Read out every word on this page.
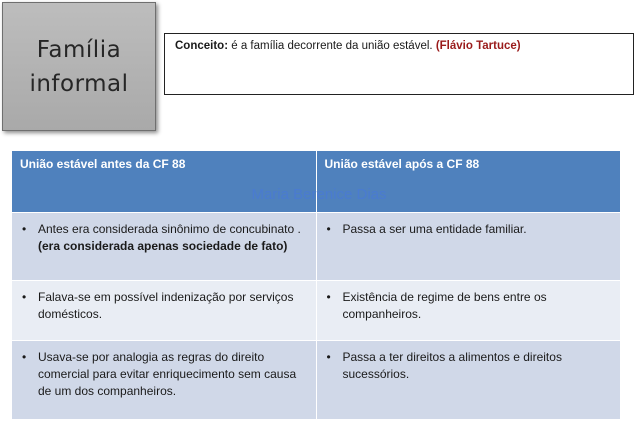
Família
informal
Conceito: é a família decorrente da união estável. (Flávio Tartuce)
União estável antes da CF 88	União estável após a CF 88

• Antes era considerada sinônimo de concubinato . (era considerada apenas sociedade de fato)	• Passa a ser uma entidade familiar.

• Falava-se em possível indenização por serviços domésticos.	• Existência de regime de bens entre os companheiros.

• Usava-se por analogia as regras do direito comercial para evitar enriquecimento sem causa de um dos companheiros.	• Passa a ter direitos a alimentos e direitos sucessórios.
Maria Berenice Dias
